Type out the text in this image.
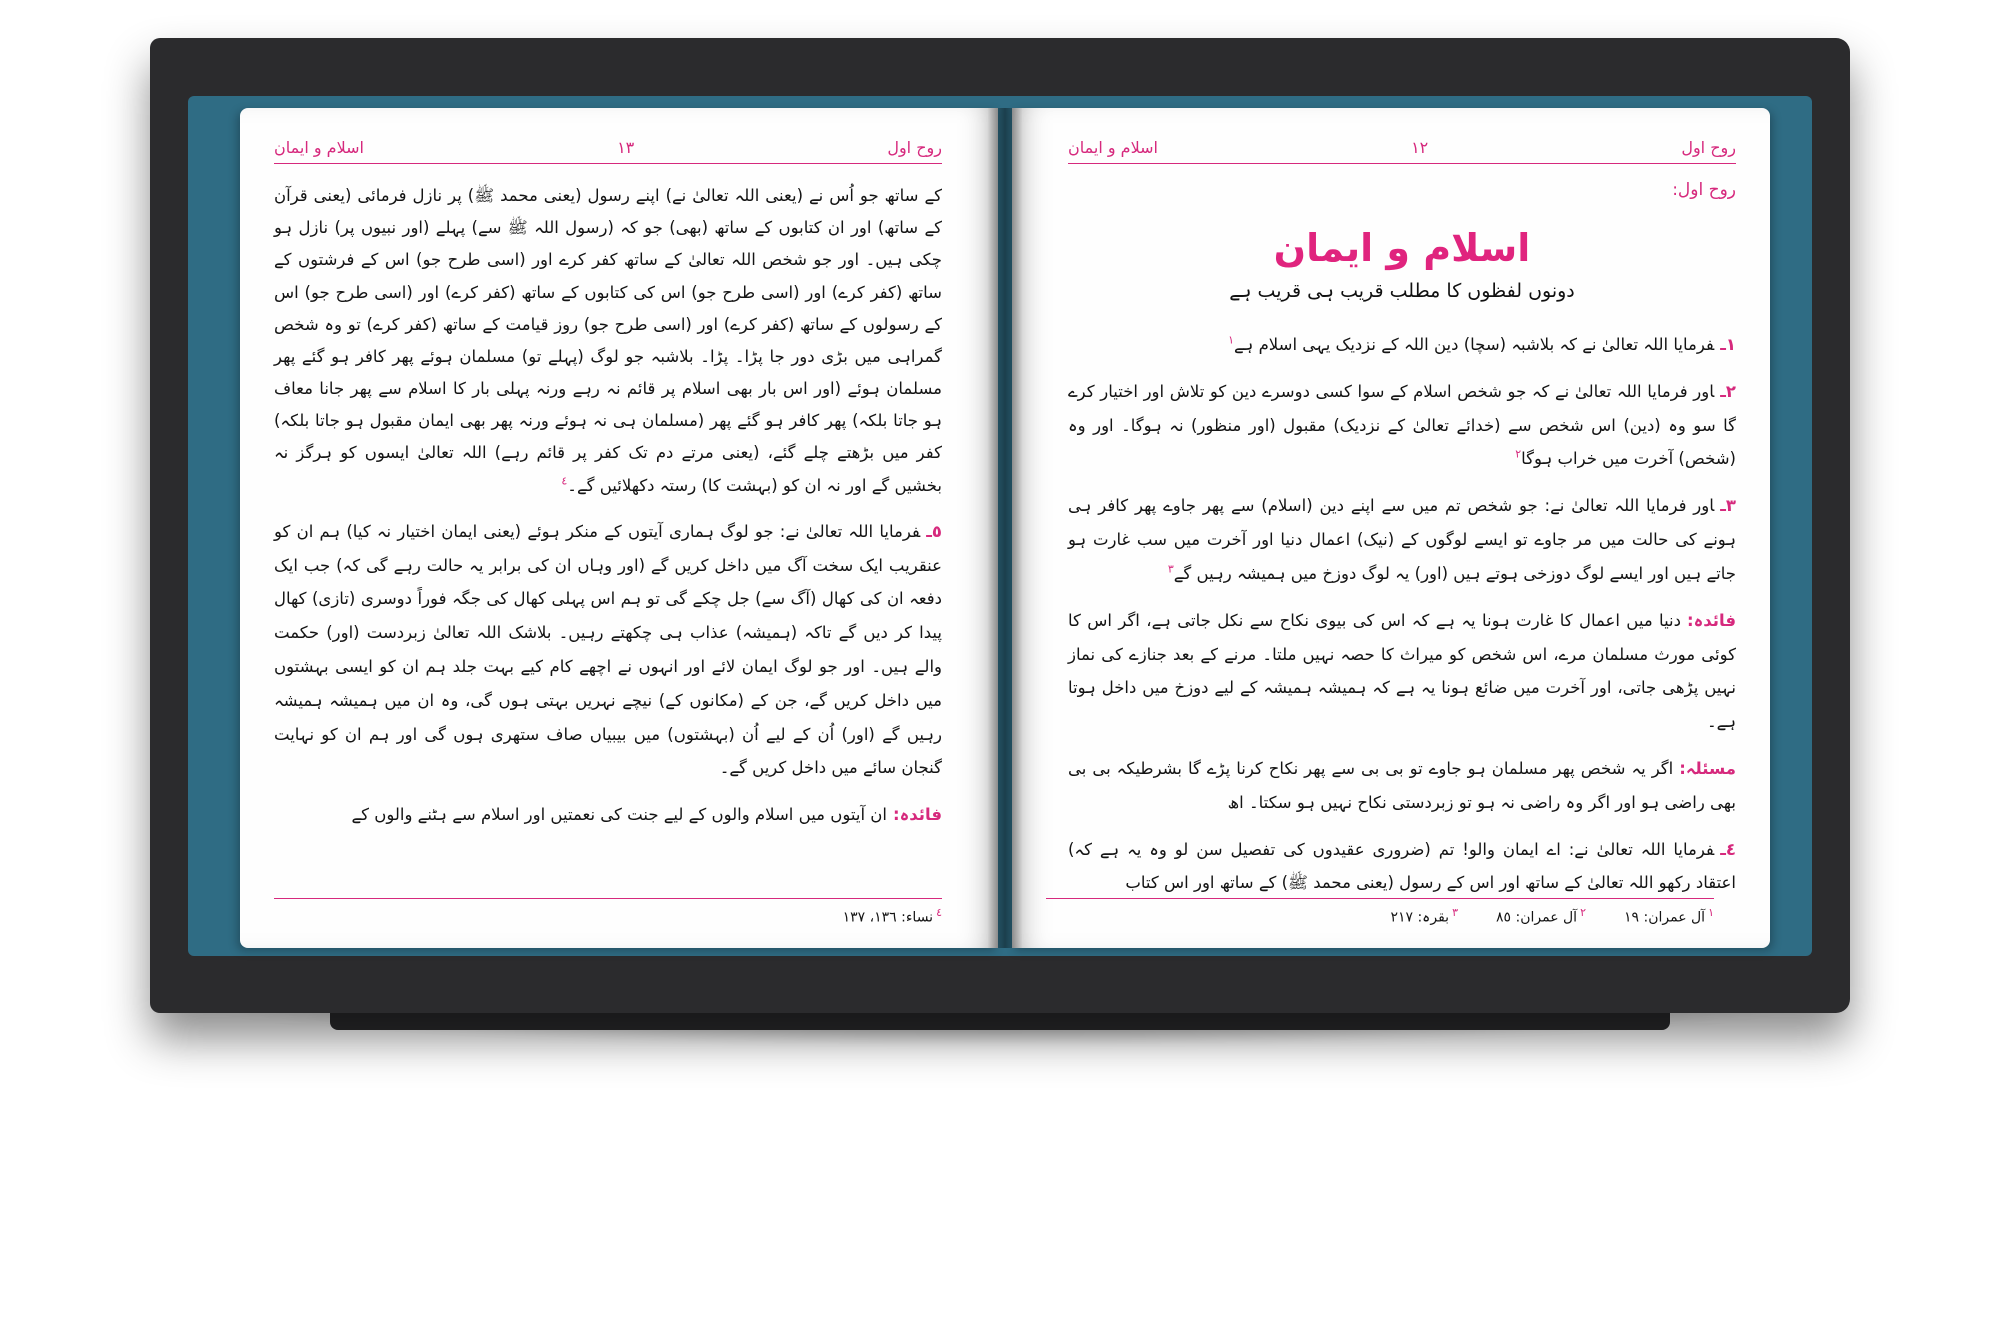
روح اول
١٣
اسلام و ایمان

کے ساتھ جو اُس نے (یعنی اللہ تعالیٰ نے) اپنے رسول (یعنی محمد ﷺ) پر نازل فرمائی (یعنی قرآن کے ساتھ) اور ان کتابوں کے ساتھ (بھی) جو کہ (رسول اللہ ﷺ سے) پہلے (اور نبیوں پر) نازل ہو چکی ہیں۔ اور جو شخص اللہ تعالیٰ کے ساتھ کفر کرے اور (اسی طرح جو) اس کے فرشتوں کے ساتھ (کفر کرے) اور (اسی طرح جو) اس کی کتابوں کے ساتھ (کفر کرے) اور (اسی طرح جو) اس کے رسولوں کے ساتھ (کفر کرے) اور (اسی طرح جو) روز قیامت کے ساتھ (کفر کرے) تو وہ شخص گمراہی میں بڑی دور جا پڑا۔ پڑا۔ بلاشبہ جو لوگ (پہلے تو) مسلمان ہوئے پھر کافر ہو گئے پھر مسلمان ہوئے (اور اس بار بھی اسلام پر قائم نہ رہے ورنہ پہلی بار کا اسلام سے پھر جانا معاف ہو جاتا بلکہ) پھر کافر ہو گئے پھر (مسلمان ہی نہ ہوئے ورنہ پھر بھی ایمان مقبول ہو جاتا بلکہ) کفر میں بڑھتے چلے گئے، (یعنی مرتے دم تک کفر پر قائم رہے) اللہ تعالیٰ ایسوں کو ہرگز نہ بخشیں گے اور نہ ان کو (بہشت کا) رستہ دکھلائیں گے۔$^٤$

٥ـفرمایا اللہ تعالیٰ نے: جو لوگ ہماری آیتوں کے منکر ہوئے (یعنی ایمان اختیار نہ کیا) ہم ان کو عنقریب ایک سخت آگ میں داخل کریں گے (اور وہاں ان کی برابر یہ حالت رہے گی کہ) جب ایک دفعہ ان کی کھال (آگ سے) جل چکے گی تو ہم اس پہلی کھال کی جگہ فوراً دوسری (تازی) کھال پیدا کر دیں گے تاکہ (ہمیشہ) عذاب ہی چکھتے رہیں۔ بلاشک اللہ تعالیٰ زبردست (اور) حکمت والے ہیں۔ اور جو لوگ ایمان لائے اور انہوں نے اچھے کام کیے بہت جلد ہم ان کو ایسی بہشتوں میں داخل کریں گے، جن کے (مکانوں کے) نیچے نہریں بہتی ہوں گی، وہ ان میں ہمیشہ ہمیشہ رہیں گے (اور) اُن کے لیے اُن (بہشتوں) میں بیبیاں صاف ستھری ہوں گی اور ہم ان کو نہایت گنجان سائے میں داخل کریں گے۔

فائدہ:ان آیتوں میں اسلام والوں کے لیے جنت کی نعمتیں اور اسلام سے ہٹنے والوں کے

$^٤$نساء: ١٣٦، ١٣٧
روح اول
١٢
اسلام و ایمان
روح اول:
اسلام و ایمان
دونوں لفظوں کا مطلب قریب ہی قریب ہے

١ـفرمایا اللہ تعالیٰ نے کہ بلاشبہ (سچا) دین اللہ کے نزدیک یہی اسلام ہے$^١$

٢ـاور فرمایا اللہ تعالیٰ نے کہ جو شخص اسلام کے سوا کسی دوسرے دین کو تلاش اور اختیار کرے گا سو وہ (دین) اس شخص سے (خدائے تعالیٰ کے نزدیک) مقبول (اور منظور) نہ ہوگا۔ اور وہ (شخص) آخرت میں خراب ہوگا$^٢$

٣ـاور فرمایا اللہ تعالیٰ نے: جو شخص تم میں سے اپنے دین (اسلام) سے پھر جاوے پھر کافر ہی ہونے کی حالت میں مر جاوے تو ایسے لوگوں کے (نیک) اعمال دنیا اور آخرت میں سب غارت ہو جاتے ہیں اور ایسے لوگ دوزخی ہوتے ہیں (اور) یہ لوگ دوزخ میں ہمیشہ رہیں گے$^٣$

فائدہ:دنیا میں اعمال کا غارت ہونا یہ ہے کہ اس کی بیوی نکاح سے نکل جاتی ہے، اگر اس کا کوئی مورث مسلمان مرے، اس شخص کو میراث کا حصہ نہیں ملتا۔ مرنے کے بعد جنازے کی نماز نہیں پڑھی جاتی، اور آخرت میں ضائع ہونا یہ ہے کہ ہمیشہ ہمیشہ کے لیے دوزخ میں داخل ہوتا ہے۔

مسئلہ:اگر یہ شخص پھر مسلمان ہو جاوے تو بی بی سے پھر نکاح کرنا پڑے گا بشرطیکہ بی بی بھی راضی ہو اور اگر وہ راضی نہ ہو تو زبردستی نکاح نہیں ہو سکتا۔ اھ

٤ـفرمایا اللہ تعالیٰ نے: اے ایمان والو! تم (ضروری عقیدوں کی تفصیل سن لو وہ یہ ہے کہ) اعتقاد رکھو اللہ تعالیٰ کے ساتھ اور اس کے رسول (یعنی محمد ﷺ) کے ساتھ اور اس کتاب

$^١$آل عمران: ١٩
$^٢$آل عمران: ٨٥
$^٣$بقرہ: ٢١٧
